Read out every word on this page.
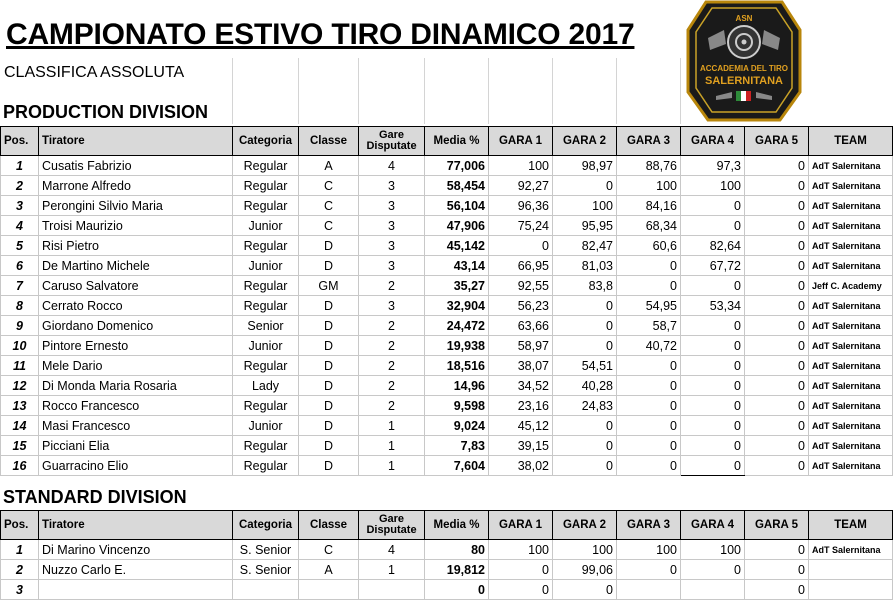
CAMPIONATO ESTIVO TIRO DINAMICO 2017
CLASSIFICA ASSOLUTA
ASN
ACCADEMIA DEL TIRO
SALERNITANA
PRODUCTION DIVISION
Pos.	Tiratore	Categoria	Classe	Gare Disputate	Media %	GARA 1	GARA 2	GARA 3	GARA 4	GARA 5	TEAM
1	Cusatis Fabrizio	Regular	A	4	77,006	100	98,97	88,76	97,3	0	AdT Salernitana
2	Marrone Alfredo	Regular	C	3	58,454	92,27	0	100	100	0	AdT Salernitana
3	Perongini Silvio Maria	Regular	C	3	56,104	96,36	100	84,16	0	0	AdT Salernitana
4	Troisi Maurizio	Junior	C	3	47,906	75,24	95,95	68,34	0	0	AdT Salernitana
5	Risi Pietro	Regular	D	3	45,142	0	82,47	60,6	82,64	0	AdT Salernitana
6	De Martino Michele	Junior	D	3	43,14	66,95	81,03	0	67,72	0	AdT Salernitana
7	Caruso Salvatore	Regular	GM	2	35,27	92,55	83,8	0	0	0	Jeff C. Academy
8	Cerrato Rocco	Regular	D	3	32,904	56,23	0	54,95	53,34	0	AdT Salernitana
9	Giordano Domenico	Senior	D	2	24,472	63,66	0	58,7	0	0	AdT Salernitana
10	Pintore Ernesto	Junior	D	2	19,938	58,97	0	40,72	0	0	AdT Salernitana
11	Mele Dario	Regular	D	2	18,516	38,07	54,51	0	0	0	AdT Salernitana
12	Di Monda Maria Rosaria	Lady	D	2	14,96	34,52	40,28	0	0	0	AdT Salernitana
13	Rocco Francesco	Regular	D	2	9,598	23,16	24,83	0	0	0	AdT Salernitana
14	Masi Francesco	Junior	D	1	9,024	45,12	0	0	0	0	AdT Salernitana
15	Picciani Elia	Regular	D	1	7,83	39,15	0	0	0	0	AdT Salernitana
16	Guarracino Elio	Regular	D	1	7,604	38,02	0	0	0	0	AdT Salernitana
STANDARD DIVISION
Pos.	Tiratore	Categoria	Classe	Gare Disputate	Media %	GARA 1	GARA 2	GARA 3	GARA 4	GARA 5	TEAM
1	Di Marino Vincenzo	S. Senior	C	4	80	100	100	100	100	0	AdT Salernitana
2	Nuzzo Carlo E.	S. Senior	A	1	19,812	0	99,06	0	0	0	
3					0	0	0			0	
